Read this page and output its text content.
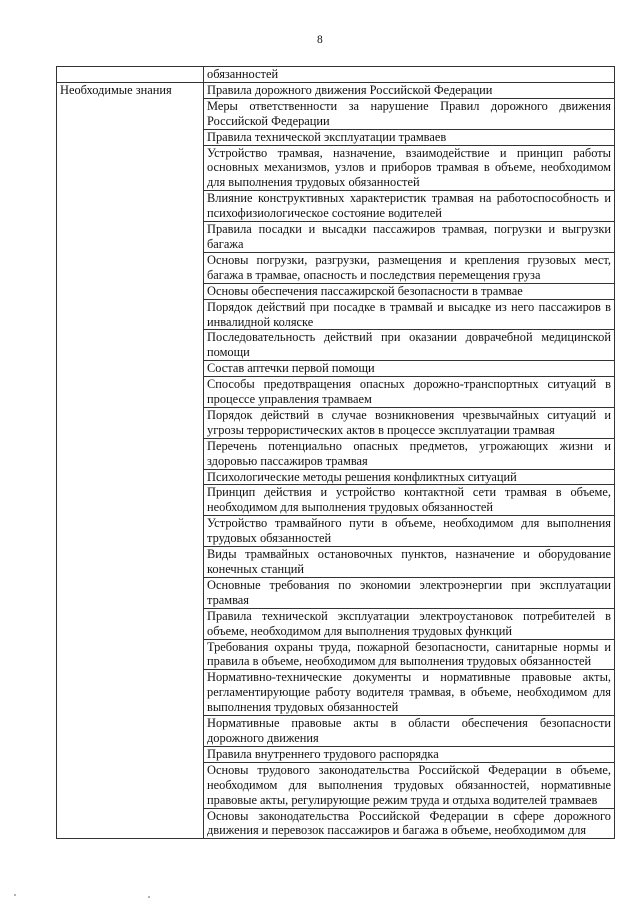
8
	обязанностей
Необходимые знания	Правила дорожного движения Российской Федерации
	Меры ответственности за нарушение Правил дорожного движения Российской Федерации
	Правила технической эксплуатации трамваев
	Устройство трамвая, назначение, взаимодействие и принцип работы основных механизмов, узлов и приборов трамвая в объеме, необходимом для выполнения трудовых обязанностей
	Влияние конструктивных характеристик трамвая на работоспособность и психофизиологическое состояние водителей
	Правила посадки и высадки пассажиров трамвая, погрузки и выгрузки багажа
	Основы погрузки, разгрузки, размещения и крепления грузовых мест, багажа в трамвае, опасность и последствия перемещения груза
	Основы обеспечения пассажирской безопасности в трамвае
	Порядок действий при посадке в трамвай и высадке из него пассажиров в инвалидной коляске
	Последовательность действий при оказании доврачебной медицинской помощи
	Состав аптечки первой помощи
	Способы предотвращения опасных дорожно-транспортных ситуаций в процессе управления трамваем
	Порядок действий в случае возникновения чрезвычайных ситуаций и угрозы террористических актов в процессе эксплуатации трамвая
	Перечень потенциально опасных предметов, угрожающих жизни и здоровью пассажиров трамвая
	Психологические методы решения конфликтных ситуаций
	Принцип действия и устройство контактной сети трамвая в объеме, необходимом для выполнения трудовых обязанностей
	Устройство трамвайного пути в объеме, необходимом для выполнения трудовых обязанностей
	Виды трамвайных остановочных пунктов, назначение и оборудование конечных станций
	Основные требования по экономии электроэнергии при эксплуатации трамвая
	Правила технической эксплуатации электроустановок потребителей в объеме, необходимом для выполнения трудовых функций
	Требования охраны труда, пожарной безопасности, санитарные нормы и правила в объеме, необходимом для выполнения трудовых обязанностей
	Нормативно-технические документы и нормативные правовые акты, регламентирующие работу водителя трамвая, в объеме, необходимом для выполнения трудовых обязанностей
	Нормативные правовые акты в области обеспечения безопасности дорожного движения
	Правила внутреннего трудового распорядка
	Основы трудового законодательства Российской Федерации в объеме, необходимом для выполнения трудовых обязанностей, нормативные правовые акты, регулирующие режим труда и отдыха водителей трамваев
	Основы законодательства Российской Федерации в сфере дорожного движения и перевозок пассажиров и багажа в объеме, необходимом для
